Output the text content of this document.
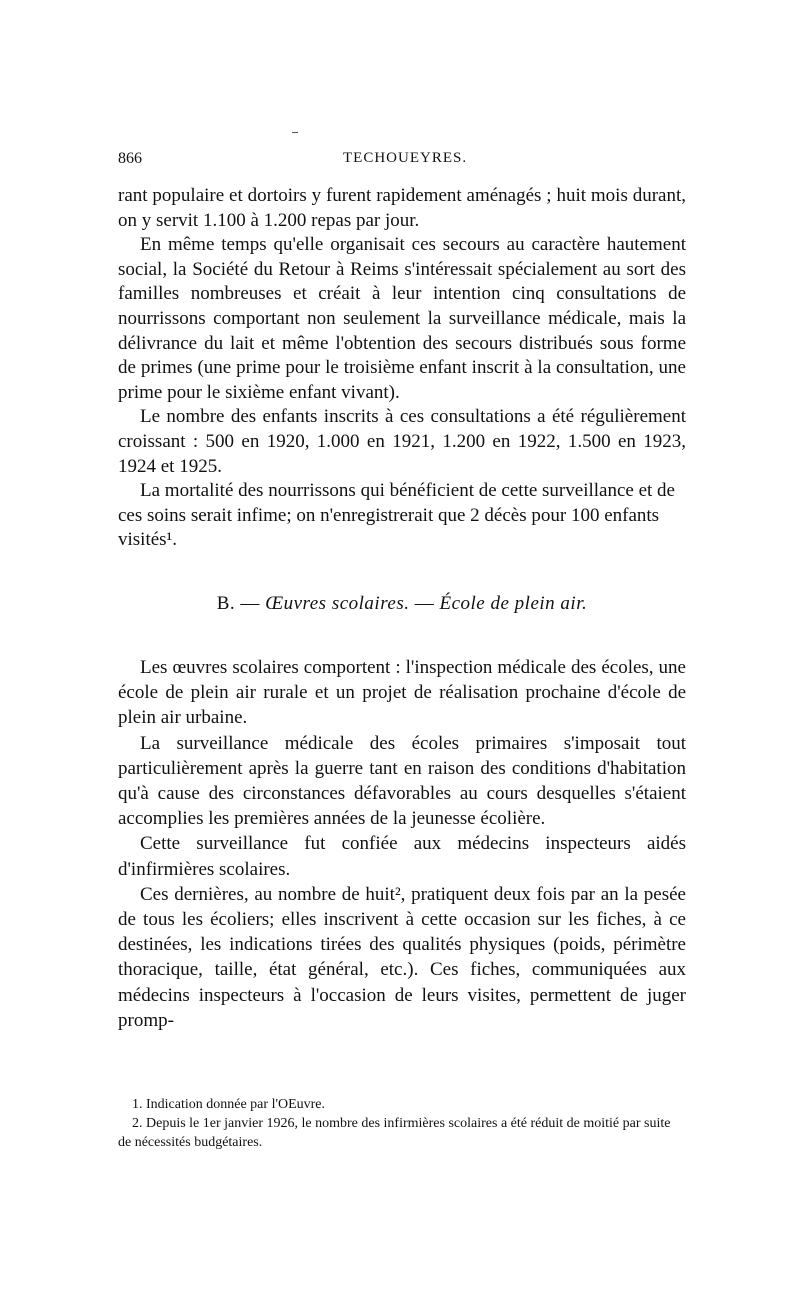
866	TECHOUEYRES.

rant populaire et dortoirs y furent rapidement aménagés ; huit mois durant, on y servit 1.100 à 1.200 repas par jour.

En même temps qu'elle organisait ces secours au caractère hautement social, la Société du Retour à Reims s'intéressait spécialement au sort des familles nombreuses et créait à leur intention cinq consultations de nourrissons comportant non seulement la surveillance médicale, mais la délivrance du lait et même l'obtention des secours distribués sous forme de primes (une prime pour le troisième enfant inscrit à la consultation, une prime pour le sixième enfant vivant).

Le nombre des enfants inscrits à ces consultations a été régulièrement croissant : 500 en 1920, 1.000 en 1921, 1.200 en 1922, 1.500 en 1923, 1924 et 1925.

La mortalité des nourrissons qui bénéficient de cette surveillance et de ces soins serait infime; on n'enregistrerait que 2 décès pour 100 enfants visités¹.

B. — Œuvres scolaires. — École de plein air.

Les œuvres scolaires comportent : l'inspection médicale des écoles, une école de plein air rurale et un projet de réalisation prochaine d'école de plein air urbaine.

La surveillance médicale des écoles primaires s'imposait tout particulièrement après la guerre tant en raison des conditions d'habitation qu'à cause des circonstances défavorables au cours desquelles s'étaient accomplies les premières années de la jeunesse écolière.

Cette surveillance fut confiée aux médecins inspecteurs aidés d'infirmières scolaires.

Ces dernières, au nombre de huit², pratiquent deux fois par an la pesée de tous les écoliers; elles inscrivent à cette occasion sur les fiches, à ce destinées, les indications tirées des qualités physiques (poids, périmètre thoracique, taille, état général, etc.). Ces fiches, communiquées aux médecins inspecteurs à l'occasion de leurs visites, permettent de juger promp-

1. Indication donnée par l'OEuvre.

2. Depuis le 1er janvier 1926, le nombre des infirmières scolaires a été réduit de moitié par suite de nécessités budgétaires.
